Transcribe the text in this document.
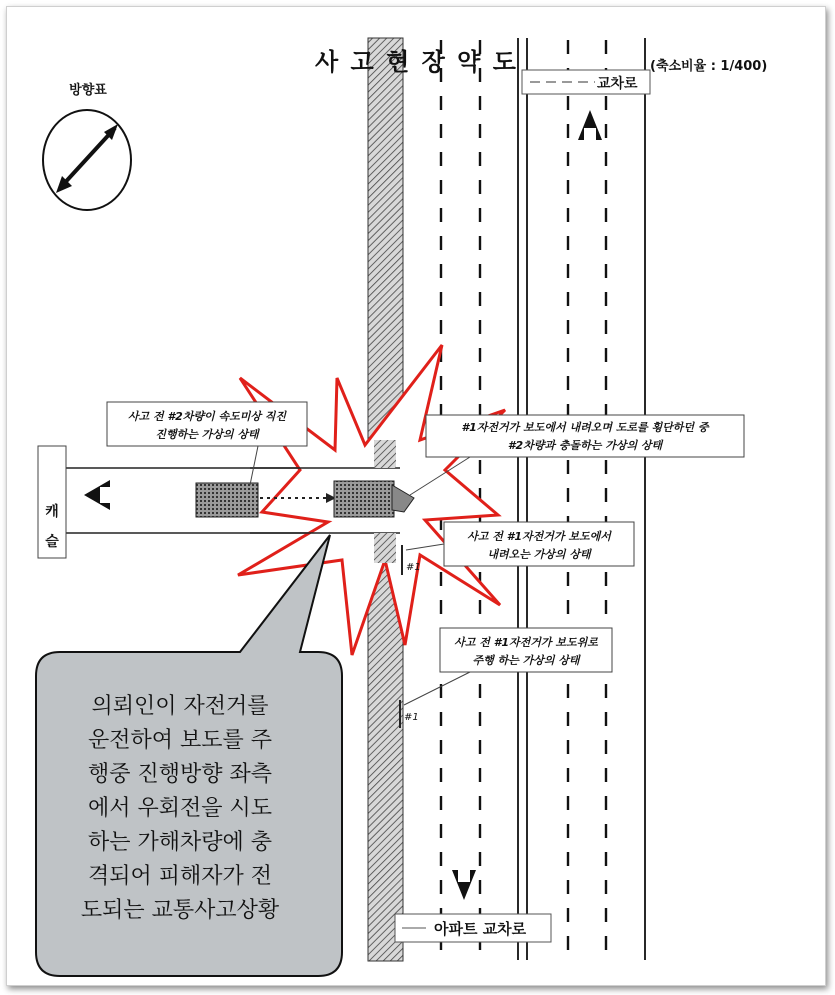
방향표
사 고 현 장 약 도	(축소비율 : 1/400)
교차로
캐
슬
#1
#1
사고 전 #2차량이 속도미상 직진
진행하는 가상의 상태
#1자전거가 보도에서 내려오며 도로를 횡단하던 중
#2차량과 충돌하는 가상의 상태
사고 전 #1자전거가 보도에서
내려오는 가상의 상태
사고 전 #1자전거가 보도위로
주행 하는 가상의 상태
아파트 교차로
의뢰인이 자전거를
운전하여 보도를 주
행중 진행방향 좌측
에서 우회전을 시도
하는 가해차량에 충
격되어 피해자가 전
도되는 교통사고상황
